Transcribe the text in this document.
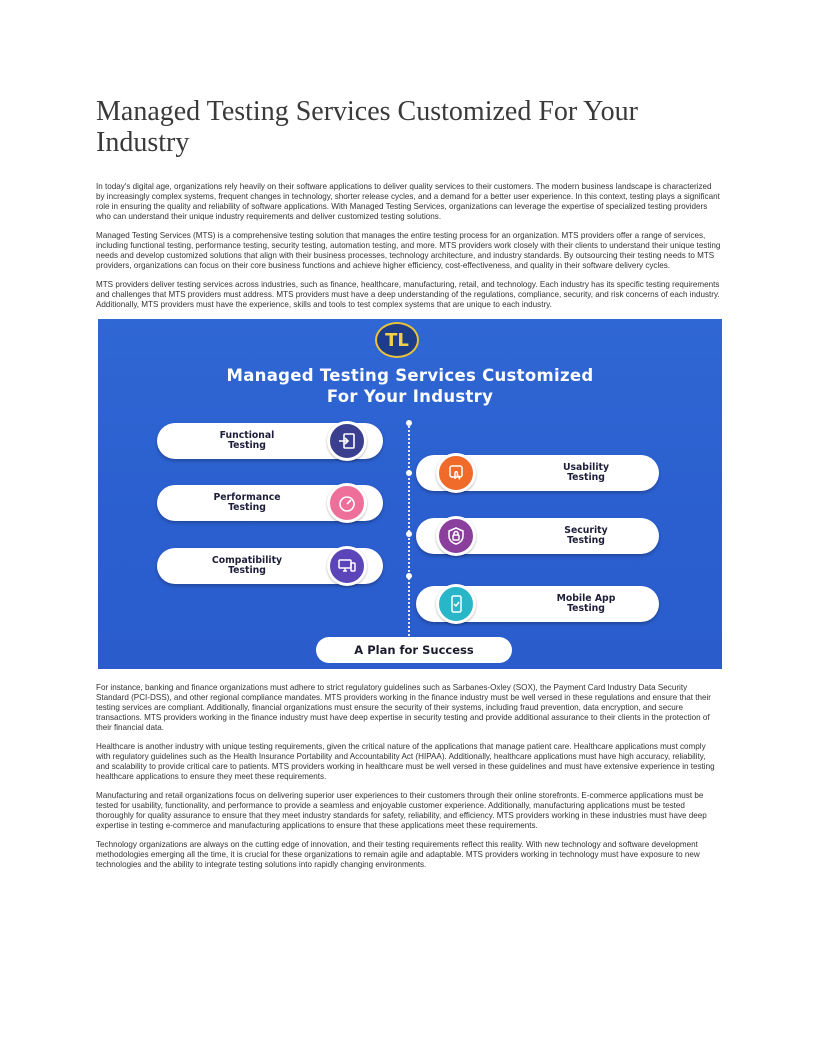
Managed Testing Services Customized For Your Industry

In today's digital age, organizations rely heavily on their software applications to deliver quality services to their customers. The modern business landscape is characterized by increasingly complex systems, frequent changes in technology, shorter release cycles, and a demand for a better user experience. In this context, testing plays a significant role in ensuring the quality and reliability of software applications. With Managed Testing Services, organizations can leverage the expertise of specialized testing providers who can understand their unique industry requirements and deliver customized testing solutions.

Managed Testing Services (MTS) is a comprehensive testing solution that manages the entire testing process for an organization. MTS providers offer a range of services, including functional testing, performance testing, security testing, automation testing, and more. MTS providers work closely with their clients to understand their unique testing needs and develop customized solutions that align with their business processes, technology architecture, and industry standards. By outsourcing their testing needs to MTS providers, organizations can focus on their core business functions and achieve higher efficiency, cost-effectiveness, and quality in their software delivery cycles.

MTS providers deliver testing services across industries, such as finance, healthcare, manufacturing, retail, and technology. Each industry has its specific testing requirements and challenges that MTS providers must address. MTS providers must have a deep understanding of the regulations, compliance, security, and risk concerns of each industry. Additionally, MTS providers must have the experience, skills and tools to test complex systems that are unique to each industry.

TL
Managed Testing Services Customized
For Your Industry
Functional
Testing
Usability
Testing
Performance
Testing
Security
Testing
Compatibility
Testing
Mobile App
Testing
A Plan for Success

For instance, banking and finance organizations must adhere to strict regulatory guidelines such as Sarbanes-Oxley (SOX), the Payment Card Industry Data Security Standard (PCI-DSS), and other regional compliance mandates. MTS providers working in the finance industry must be well versed in these regulations and ensure that their testing services are compliant. Additionally, financial organizations must ensure the security of their systems, including fraud prevention, data encryption, and secure transactions. MTS providers working in the finance industry must have deep expertise in security testing and provide additional assurance to their clients in the protection of their financial data.

Healthcare is another industry with unique testing requirements, given the critical nature of the applications that manage patient care. Healthcare applications must comply with regulatory guidelines such as the Health Insurance Portability and Accountability Act (HIPAA). Additionally, healthcare applications must have high accuracy, reliability, and scalability to provide critical care to patients. MTS providers working in healthcare must be well versed in these guidelines and must have extensive experience in testing healthcare applications to ensure they meet these requirements.

Manufacturing and retail organizations focus on delivering superior user experiences to their customers through their online storefronts. E-commerce applications must be tested for usability, functionality, and performance to provide a seamless and enjoyable customer experience. Additionally, manufacturing applications must be tested thoroughly for quality assurance to ensure that they meet industry standards for safety, reliability, and efficiency. MTS providers working in these industries must have deep expertise in testing e-commerce and manufacturing applications to ensure that these applications meet these requirements.

Technology organizations are always on the cutting edge of innovation, and their testing requirements reflect this reality. With new technology and software development methodologies emerging all the time, it is crucial for these organizations to remain agile and adaptable. MTS providers working in technology must have exposure to new technologies and the ability to integrate testing solutions into rapidly changing environments.
